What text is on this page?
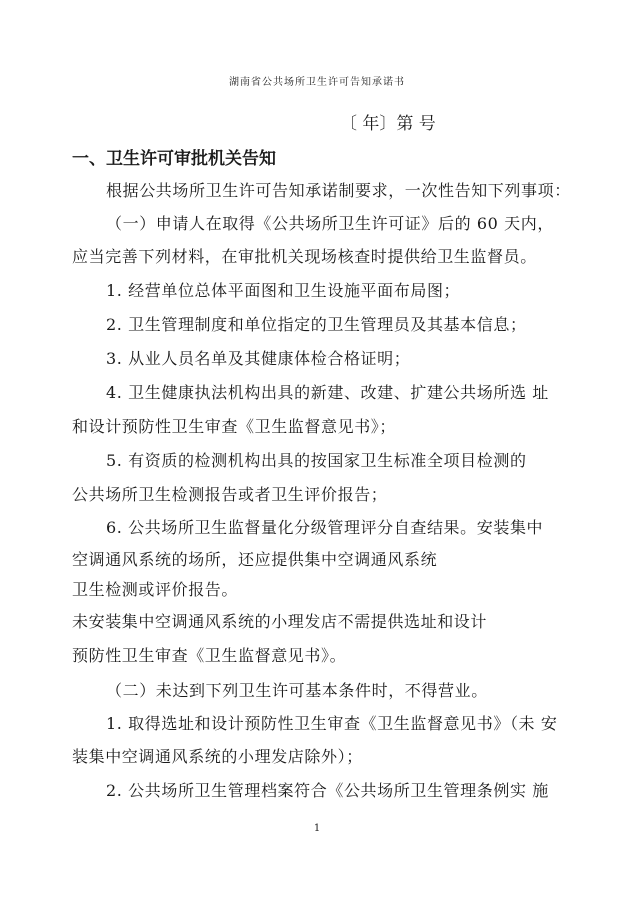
湖南省公共场所卫生许可告知承诺书
〔 年〕第 号
一、卫生许可审批机关告知
根据公共场所卫生许可告知承诺制要求，一次性告知下列事项：
（一）申请人在取得《公共场所卫生许可证》后的 60 天内，
应当完善下列材料，在审批机关现场核查时提供给卫生监督员。
1. 经营单位总体平面图和卫生设施平面布局图；
2. 卫生管理制度和单位指定的卫生管理员及其基本信息；
3. 从业人员名单及其健康体检合格证明；
4. 卫生健康执法机构出具的新建、改建、扩建公共场所选 址
和设计预防性卫生审查《卫生监督意见书》；
5. 有资质的检测机构出具的按国家卫生标准全项目检测的
公共场所卫生检测报告或者卫生评价报告；
6. 公共场所卫生监督量化分级管理评分自查结果。安装集中
空调通风系统的场所，还应提供集中空调通风系统
卫生检测或评价报告。
未安装集中空调通风系统的小理发店不需提供选址和设计
预防性卫生审查《卫生监督意见书》。
（二）未达到下列卫生许可基本条件时，不得营业。
1. 取得选址和设计预防性卫生审查《卫生监督意见书》（未 安
装集中空调通风系统的小理发店除外）；
2. 公共场所卫生管理档案符合《公共场所卫生管理条例实 施
1
